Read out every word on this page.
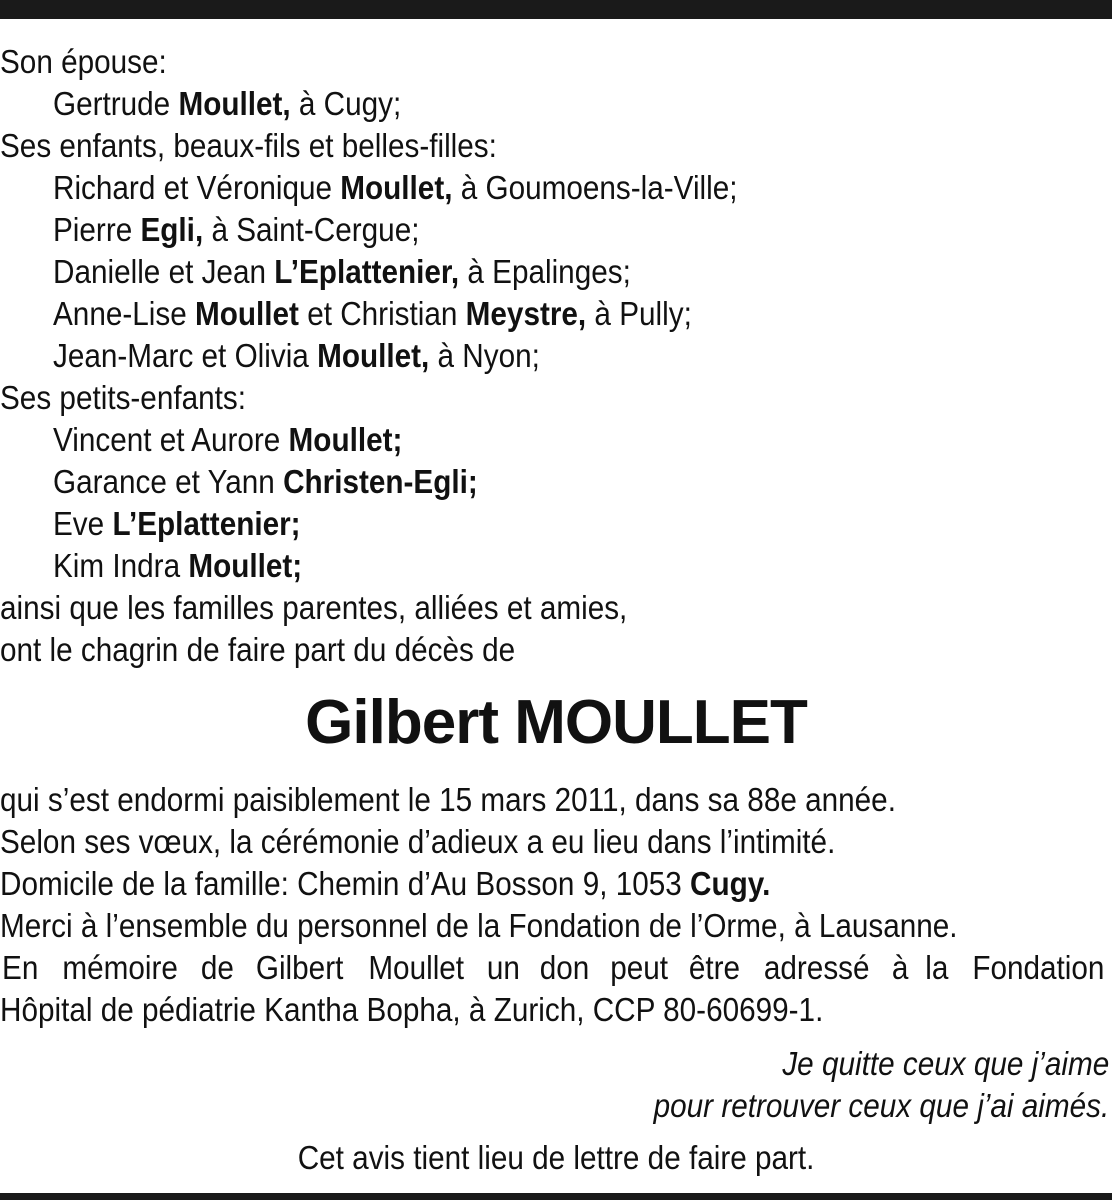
Son épouse:
Gertrude Moullet, à Cugy;
Ses enfants, beaux-fils et belles-filles:
Richard et Véronique Moullet, à Goumoens-la-Ville;
Pierre Egli, à Saint-Cergue;
Danielle et Jean L’Eplattenier, à Epalinges;
Anne-Lise Moullet et Christian Meystre, à Pully;
Jean-Marc et Olivia Moullet, à Nyon;
Ses petits-enfants:
Vincent et Aurore Moullet;
Garance et Yann Christen-Egli;
Eve L’Eplattenier;
Kim Indra Moullet;
ainsi que les familles parentes, alliées et amies,
ont le chagrin de faire part du décès de
Gilbert MOULLET
qui s’est endormi paisiblement le 15 mars 2011, dans sa 88e année.
Selon ses vœux, la cérémonie d’adieux a eu lieu dans l’intimité.
Domicile de la famille: Chemin d’Au Bosson 9, 1053 Cugy.
Merci à l’ensemble du personnel de la Fondation de l’Orme, à Lausanne.
En mémoire de Gilbert Moullet un don peut être adressé à la Fondation
Hôpital de pédiatrie Kantha Bopha, à Zurich, CCP 80-60699-1.
Je quitte ceux que j’aime
pour retrouver ceux que j’ai aimés.
Cet avis tient lieu de lettre de faire part.
